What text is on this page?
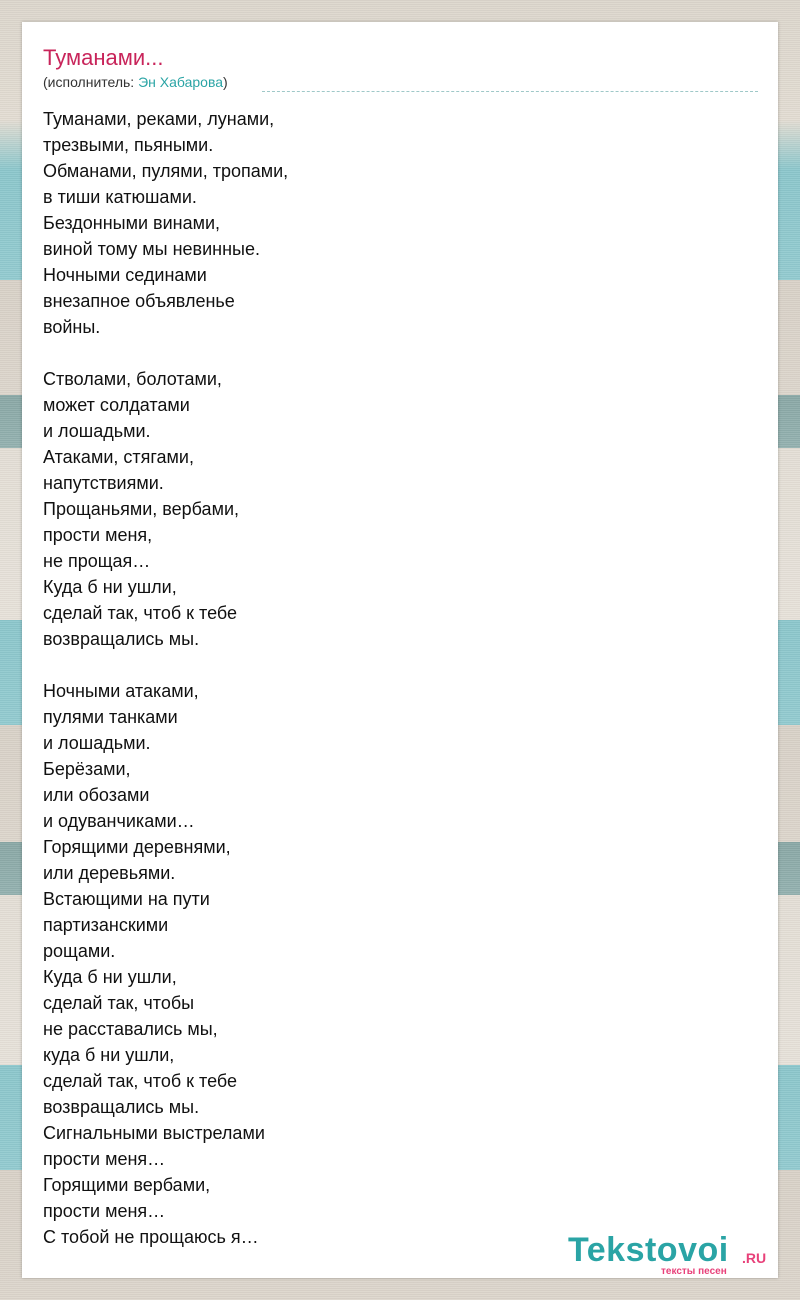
Туманами...
(исполнитель: Эн Хабарова)
Туманами, реками, лунами,
трезвыми, пьяными.
Обманами, пулями, тропами,
в тиши катюшами.
Бездонными винами,
виной тому мы невинные.
Ночными сединами
внезапное объявленье
войны.
Стволами, болотами,
может солдатами
и лошадьми.
Атаками, стягами,
напутствиями.
Прощаньями, вербами,
прости меня,
не прощая…
Куда б ни ушли,
сделай так, чтоб к тебе
возвращались мы.
Ночными атаками,
пулями танками
и лошадьми.
Берёзами,
или обозами
и одуванчиками…
Горящими деревнями,
или деревьями.
Встающими на пути
партизанскими
рощами.
Куда б ни ушли,
сделай так, чтобы
не расставались мы,
куда б ни ушли,
сделай так, чтоб к тебе
возвращались мы.
Сигнальными выстрелами
прости меня…
Горящими вербами,
прости меня…
С тобой не прощаюсь я…	Tekstovoi .RU
тексты песен
